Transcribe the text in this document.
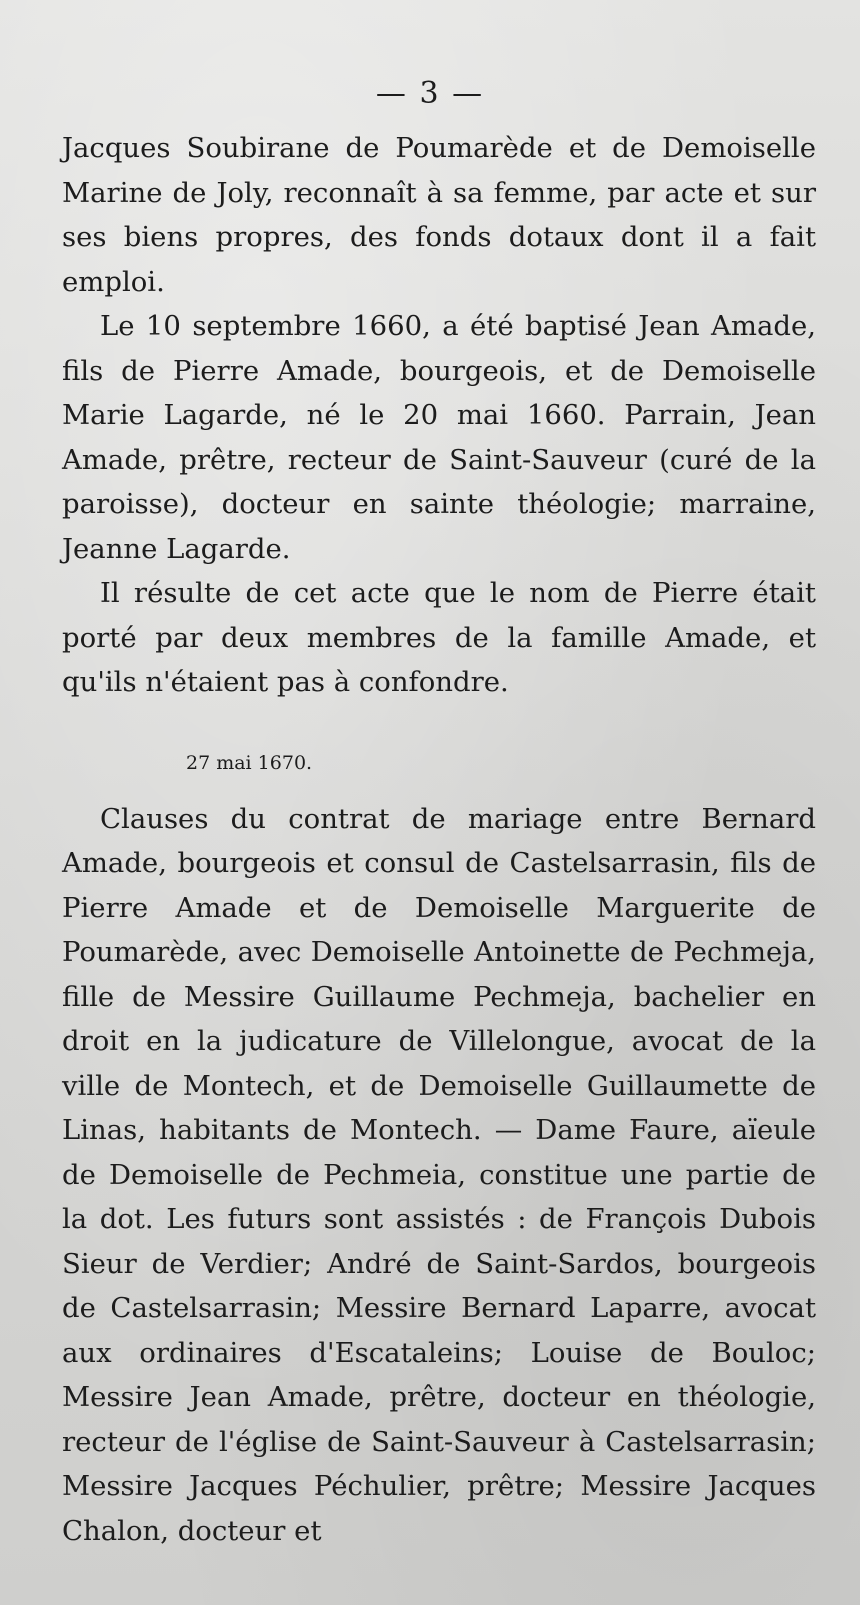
— 3 —

Jacques Soubirane de Poumarède et de Demoiselle Marine de Joly, reconnaît à sa femme, par acte et sur ses biens propres, des fonds dotaux dont il a fait emploi.

Le 10 septembre 1660, a été baptisé Jean Amade, fils de Pierre Amade, bourgeois, et de Demoiselle Marie Lagarde, né le 20 mai 1660. Parrain, Jean Amade, prêtre, recteur de Saint-Sauveur (curé de la paroisse), docteur en sainte théologie; marraine, Jeanne Lagarde.

Il résulte de cet acte que le nom de Pierre était porté par deux membres de la famille Amade, et qu'ils n'étaient pas à confondre.

27 mai 1670.

Clauses du contrat de mariage entre Bernard Amade, bourgeois et consul de Castelsarrasin, fils de Pierre Amade et de Demoiselle Marguerite de Poumarède, avec Demoiselle Antoinette de Pechmeja, fille de Messire Guillaume Pechmeja, bachelier en droit en la judicature de Villelongue, avocat de la ville de Montech, et de Demoiselle Guillaumette de Linas, habitants de Montech. — Dame Faure, aïeule de Demoiselle de Pechmeia, constitue une partie de la dot. Les futurs sont assistés : de François Dubois Sieur de Verdier; André de Saint-Sardos, bourgeois de Castelsarrasin; Messire Bernard Laparre, avocat aux ordinaires d'Escataleins; Louise de Bouloc; Messire Jean Amade, prêtre, docteur en théologie, recteur de l'église de Saint-Sauveur à Castelsarrasin; Messire Jacques Péchulier, prêtre; Messire Jacques Chalon, docteur et
